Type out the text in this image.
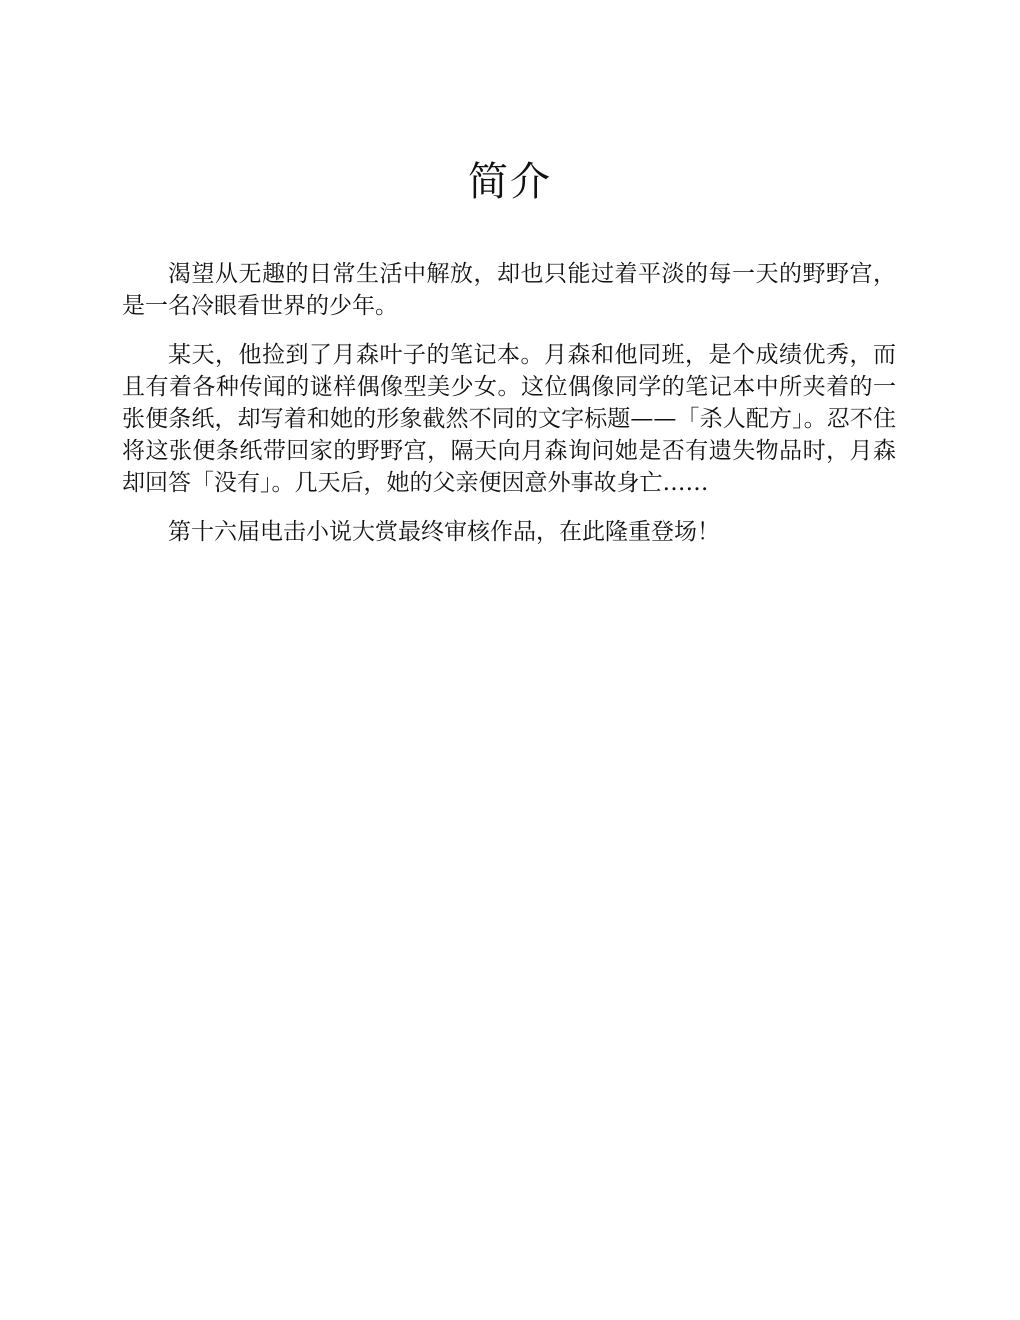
简介

渴望从无趣的日常生活中解放，却也只能过着平淡的每一天的野野宫，是一名冷眼看世界的少年。

某天，他捡到了月森叶子的笔记本。月森和他同班，是个成绩优秀，而且有着各种传闻的谜样偶像型美少女。这位偶像同学的笔记本中所夹着的一张便条纸，却写着和她的形象截然不同的文字标题——「杀人配方」。忍不住将这张便条纸带回家的野野宫，隔天向月森询问她是否有遗失物品时，月森却回答「没有」。几天后，她的父亲便因意外事故身亡……

第十六届电击小说大赏最终审核作品，在此隆重登场！
